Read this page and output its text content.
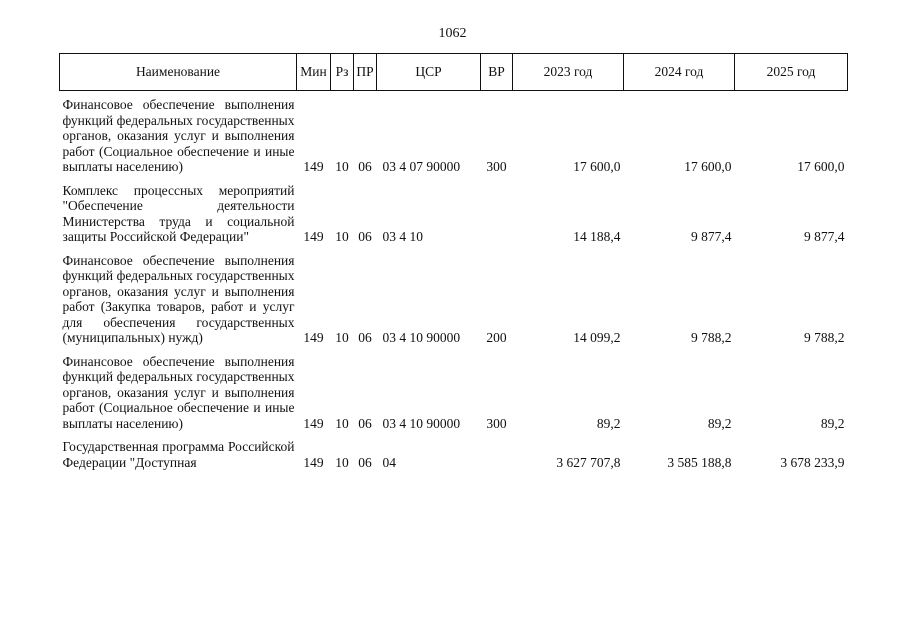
1062
Наименование	Мин	Рз	ПР	ЦСР	ВР	2023 год	2024 год	2025 год
Финансовое обеспечение выполнения функций федеральных государственных органов, оказания услуг и выполнения работ (Социальное обеспечение и иные выплаты населению)	149	10	06	03 4 07 90000	300	17 600,0	17 600,0	17 600,0
Комплекс процессных мероприятий "Обеспечение деятельности Министерства труда и социальной защиты Российской Федерации"	149	10	06	03 4 10		14 188,4	9 877,4	9 877,4
Финансовое обеспечение выполнения функций федеральных государственных органов, оказания услуг и выполнения работ (Закупка товаров, работ и услуг для обеспечения государственных (муниципальных) нужд)	149	10	06	03 4 10 90000	200	14 099,2	9 788,2	9 788,2
Финансовое обеспечение выполнения функций федеральных государственных органов, оказания услуг и выполнения работ (Социальное обеспечение и иные выплаты населению)	149	10	06	03 4 10 90000	300	89,2	89,2	89,2
Государственная программа Российской Федерации "Доступная	149	10	06	04		3 627 707,8	3 585 188,8	3 678 233,9
